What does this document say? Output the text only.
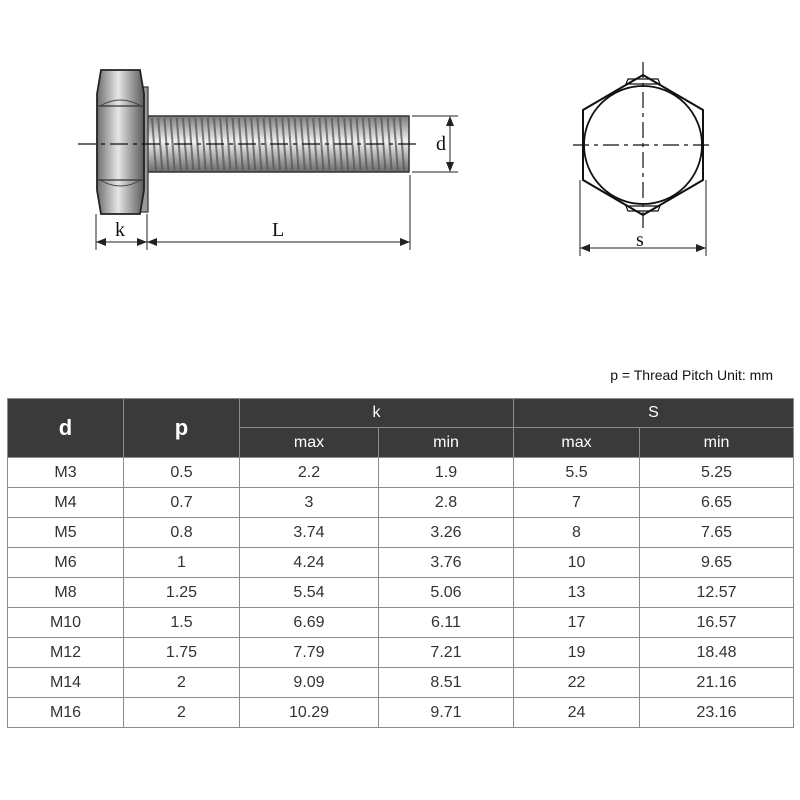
d
k	L	s
p = Thread Pitch Unit: mm
d	p	k		S	
		max	min	max	min
M3	0.5	2.2	1.9	5.5	5.25
M4	0.7	3	2.8	7	6.65
M5	0.8	3.74	3.26	8	7.65
M6	1	4.24	3.76	10	9.65
M8	1.25	5.54	5.06	13	12.57
M10	1.5	6.69	6.11	17	16.57
M12	1.75	7.79	7.21	19	18.48
M14	2	9.09	8.51	22	21.16
M16	2	10.29	9.71	24	23.16
